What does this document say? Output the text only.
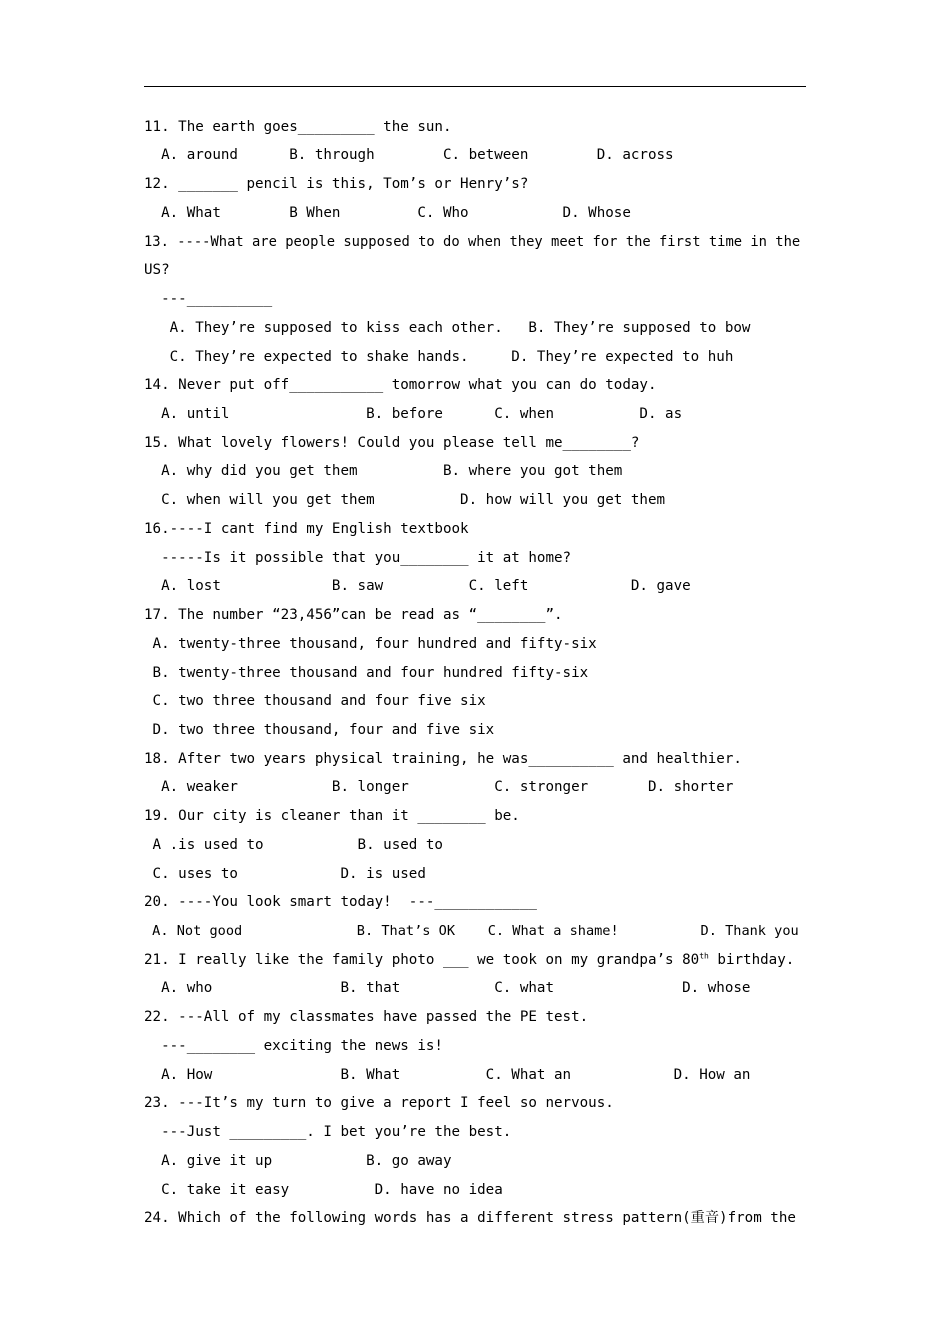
11. The earth goes_________ the sun.
A. around      B. through        C. between        D. across
12. _______ pencil is this, Tom’s or Henry’s?
A. What        B When         C. Who           D. Whose
13. ----What are people supposed to do when they meet for the first time in the
US?
---__________
A. They’re supposed to kiss each other.   B. They’re supposed to bow
C. They’re expected to shake hands.     D. They’re expected to huh
14. Never put off___________ tomorrow what you can do today.
A. until                B. before      C. when          D. as
15. What lovely flowers! Could you please tell me________?
A. why did you get them          B. where you got them
C. when will you get them          D. how will you get them
16.----I cant find my English textbook
-----Is it possible that you________ it at home?
A. lost             B. saw          C. left            D. gave
17. The number “23,456”can be read as “________”.
A. twenty-three thousand, four hundred and fifty-six
B. twenty-three thousand and four hundred fifty-six
C. two three thousand and four five six
D. two three thousand, four and five six
18. After two years physical training, he was__________ and healthier.
A. weaker           B. longer          C. stronger       D. shorter
19. Our city is cleaner than it ________ be.
A .is used to           B. used to
C. uses to            D. is used
20. ----You look smart today!  ---____________
A. Not good              B. That’s OK    C. What a shame!          D. Thank you
21. I really like the family photo ___ we took on my grandpa’s 80th birthday.
A. who               B. that           C. what               D. whose
22. ---All of my classmates have passed the PE test.
---________ exciting the news is!
A. How               B. What          C. What an            D. How an
23. ---It’s my turn to give a report I feel so nervous.
---Just _________. I bet you’re the best.
A. give it up           B. go away
C. take it easy          D. have no idea
24. Which of the following words has a different stress pattern(重音)from the
